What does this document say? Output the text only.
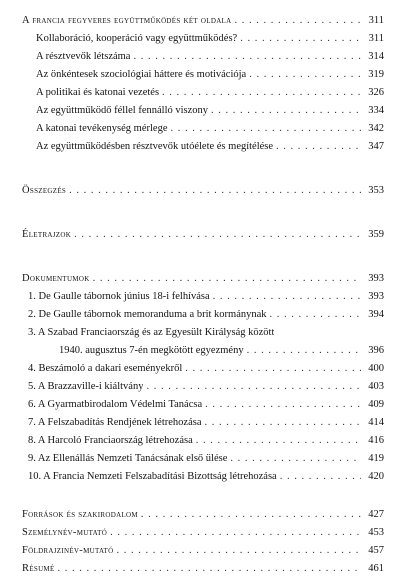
A francia fegyveres együttműködés két oldala . . .	311
Kollaboráció, kooperáció vagy együttműködés? . . .	311
A résztvevők létszáma . . .	314
Az önkéntesek szociológiai háttere és motivációja . . .	319
A politikai és katonai vezetés . . .	326
Az együttműködő féllel fennálló viszony . . .	334
A katonai tevékenység mérlege . . .	342
Az együttműködésben résztvevők utóélete és megítélése . . .	347
Összegzés . . .	353
Életrajzok . . .	359
Dokumentumok . . .	393
1. De Gaulle tábornok június 18-i felhívása . . .	393
2. De Gaulle tábornok memoranduma a brit kormánynak . . .	394
3. A Szabad Franciaország és az Egyesült Királyság között
1940. augusztus 7-én megkötött egyezmény . . .	396
4. Beszámoló a dakari eseményekről . . .	400
5. A Brazzaville-i kiáltvány . . .	403
6. A Gyarmatbirodalom Védelmi Tanácsa . . .	409
7. A Felszabadítás Rendjének létrehozása . . .	414
8. A Harcoló Franciaország létrehozása . . .	416
9. Az Ellenállás Nemzeti Tanácsának első ülése . . .	419
10. A Francia Nemzeti Felszabadítási Bizottság létrehozása . . .	420
Források és szakirodalom . . .	427
Személynév-mutató . . .	453
Földrajzinév-mutató . . .	457
Résumé . . .	461
